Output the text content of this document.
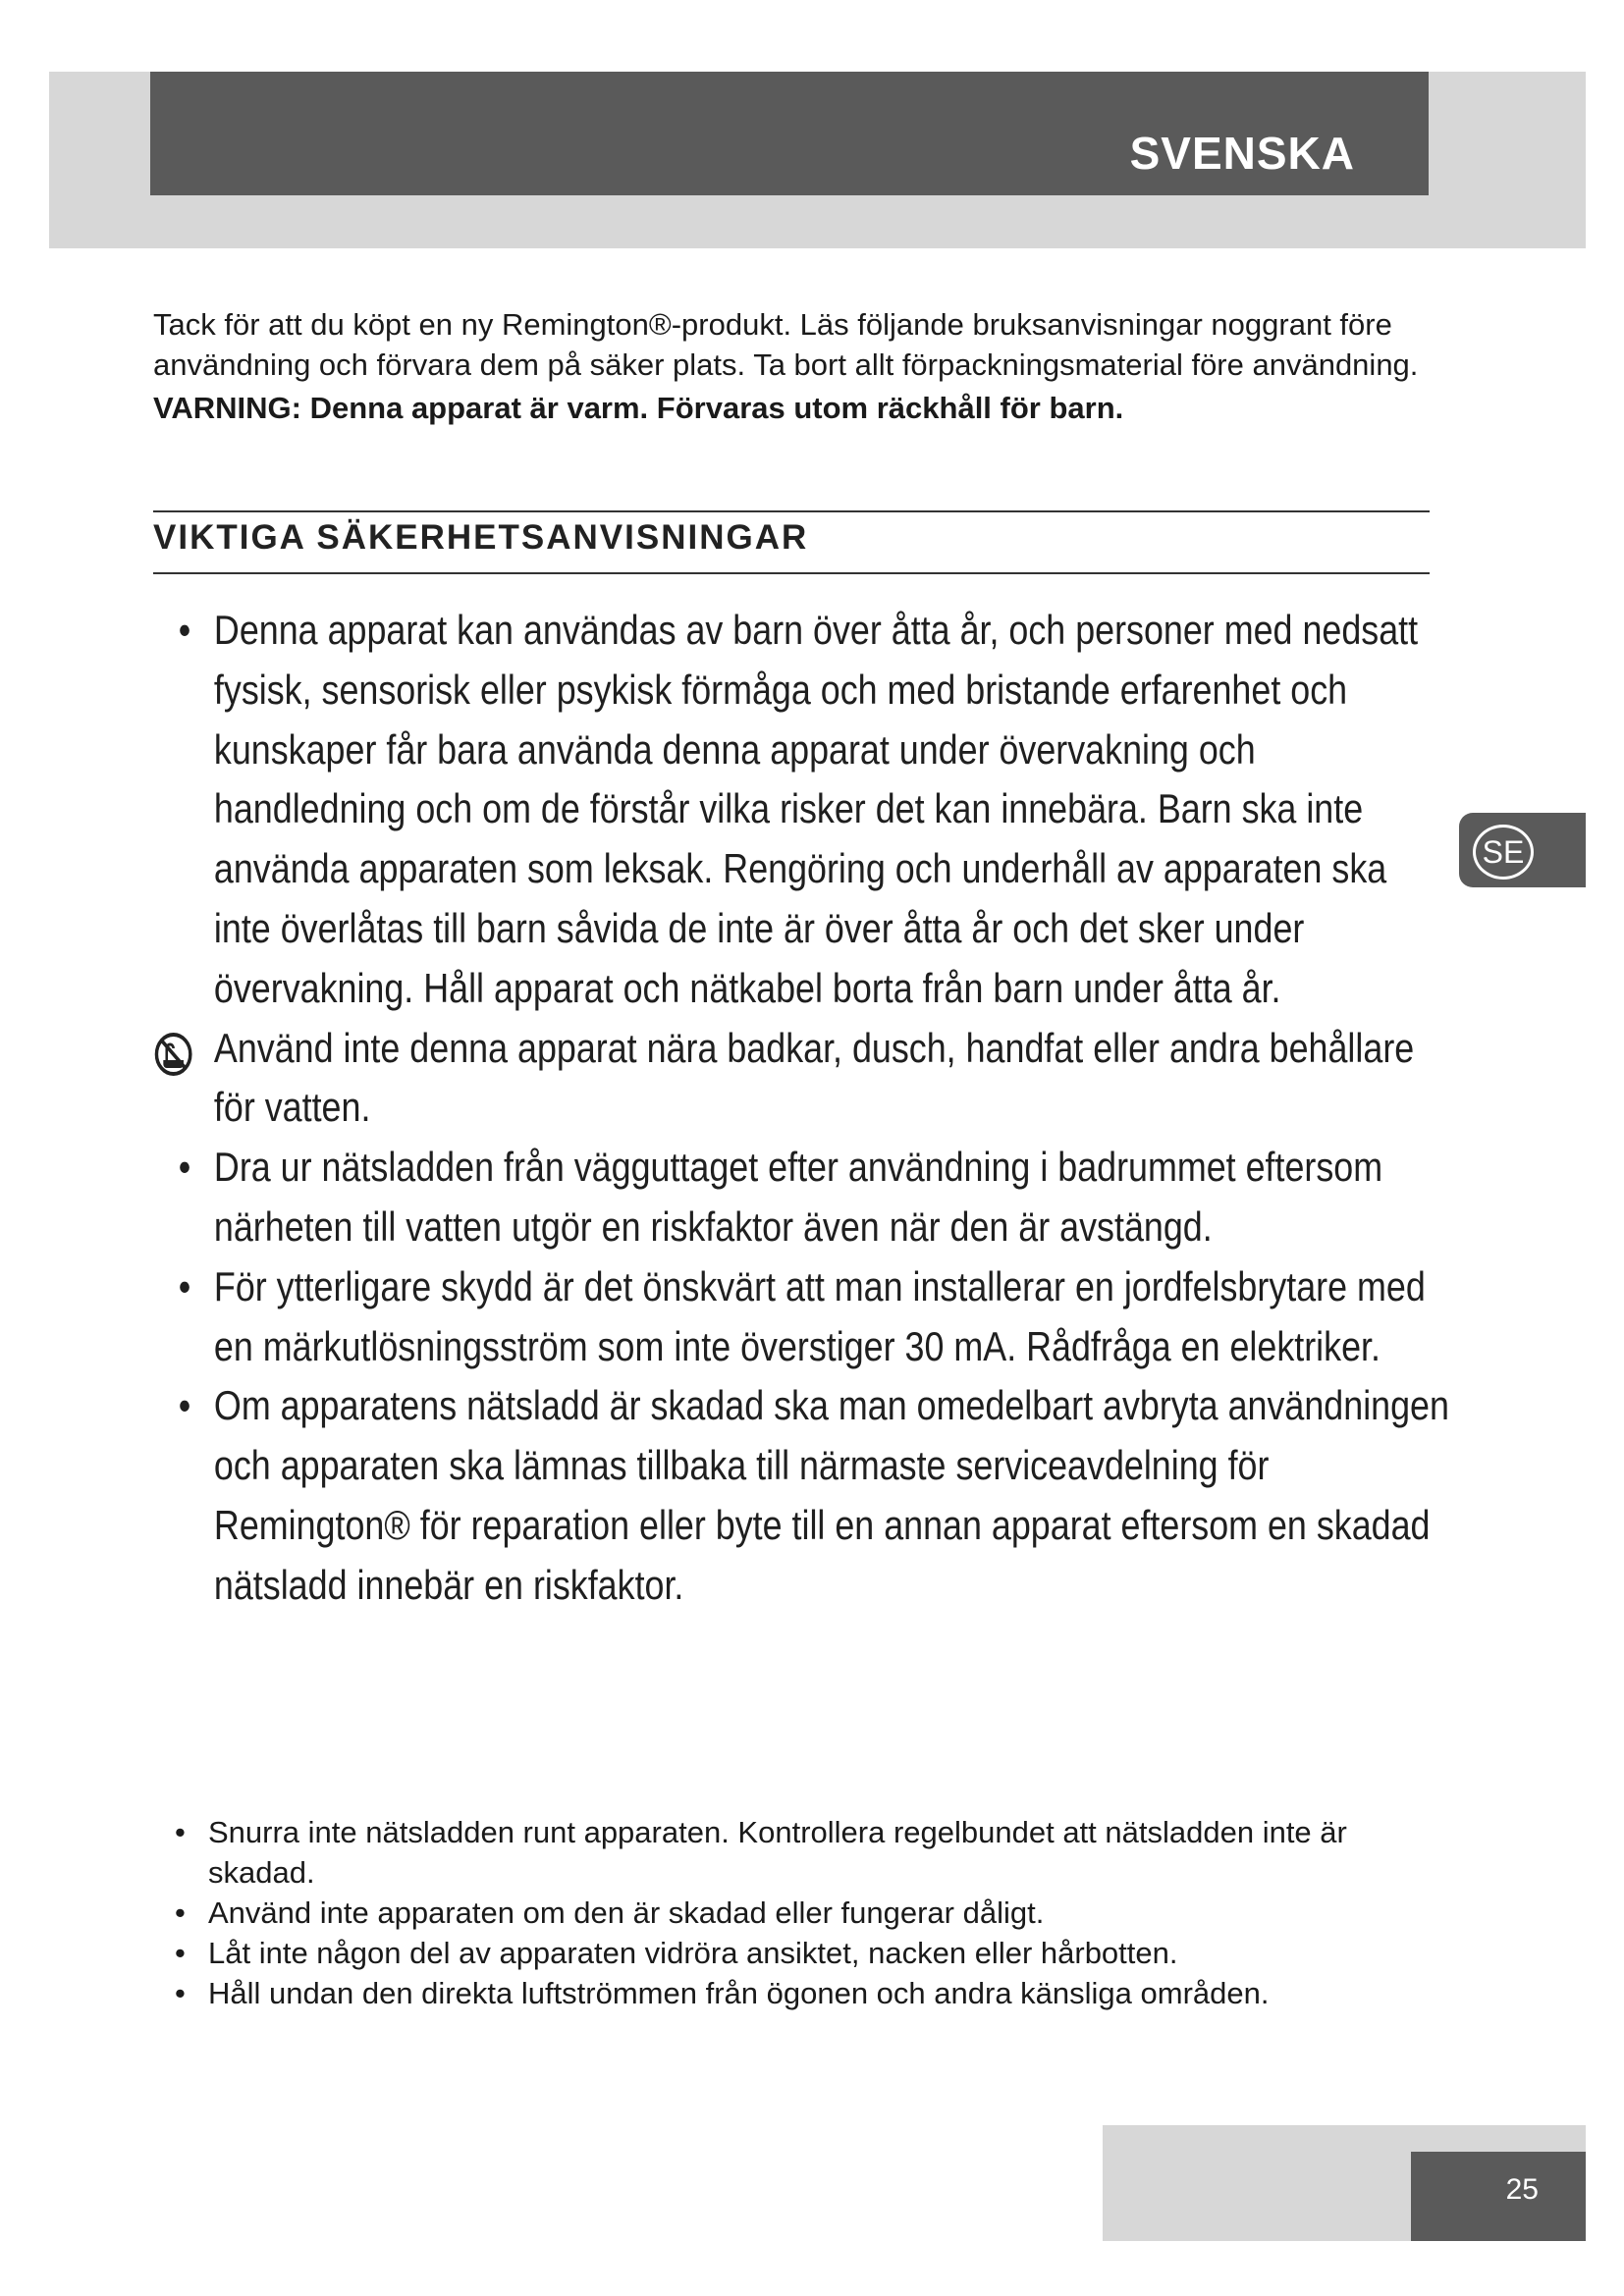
SVENSKA

Tack för att du köpt en ny Remington®-produkt. Läs följande bruksanvisningar noggrant före användning och förvara dem på säker plats. Ta bort allt förpackningsmaterial före användning.

VARNING: Denna apparat är varm. Förvaras utom räckhåll för barn.

VIKTIGA SÄKERHETSANVISNINGAR

• Denna apparat kan användas av barn över åtta år, och personer med nedsatt fysisk, sensorisk eller psykisk förmåga och med bristande erfarenhet och kunskaper får bara använda denna apparat under övervakning och handledning och om de förstår vilka risker det kan innebära. Barn ska inte använda apparaten som leksak. Rengöring och underhåll av apparaten ska inte överlåtas till barn såvida de inte är över åtta år och det sker under övervakning. Håll apparat och nätkabel borta från barn under åtta år.

Använd inte denna apparat nära badkar, dusch, handfat eller andra behållare för vatten.

• Dra ur nätsladden från vägguttaget efter användning i badrummet eftersom närheten till vatten utgör en riskfaktor även när den är avstängd.

• För ytterligare skydd är det önskvärt att man installerar en jordfelsbrytare med en märkutlösningsström som inte överstiger 30 mA. Rådfråga en elektriker.

• Om apparatens nätsladd är skadad ska man omedelbart avbryta användningen och apparaten ska lämnas tillbaka till närmaste serviceavdelning för Remington® för reparation eller byte till en annan apparat eftersom en skadad nätsladd innebär en riskfaktor.

• Snurra inte nätsladden runt apparaten. Kontrollera regelbundet att nätsladden inte är skadad.

• Använd inte apparaten om den är skadad eller fungerar dåligt.

• Låt inte någon del av apparaten vidröra ansiktet, nacken eller hårbotten.

• Håll undan den direkta luftströmmen från ögonen och andra känsliga områden.

SE
25
